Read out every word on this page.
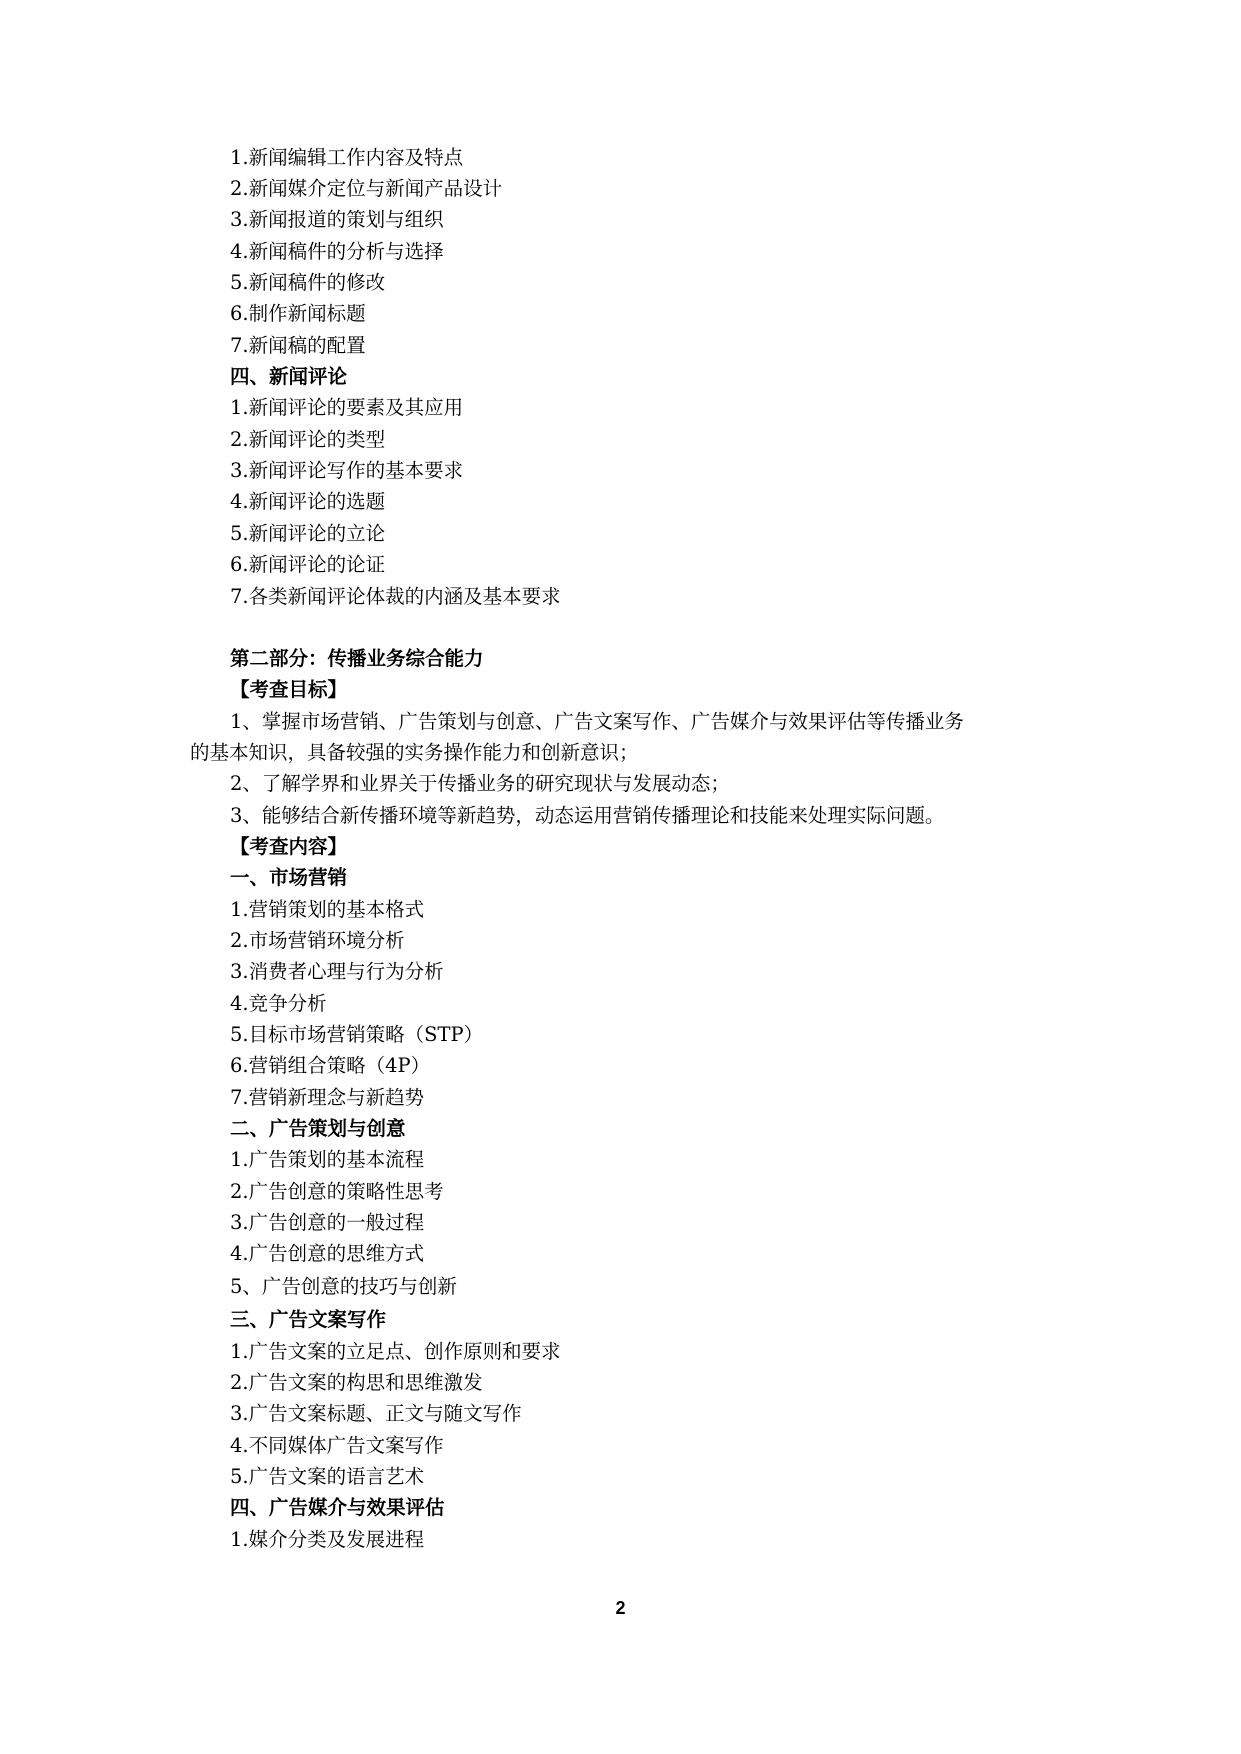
1.新闻编辑工作内容及特点
2.新闻媒介定位与新闻产品设计
3.新闻报道的策划与组织
4.新闻稿件的分析与选择
5.新闻稿件的修改
6.制作新闻标题
7.新闻稿的配置
四、新闻评论
1.新闻评论的要素及其应用
2.新闻评论的类型
3.新闻评论写作的基本要求
4.新闻评论的选题
5.新闻评论的立论
6.新闻评论的论证
7.各类新闻评论体裁的内涵及基本要求
第二部分：传播业务综合能力
【考查目标】
1、掌握市场营销、广告策划与创意、广告文案写作、广告媒介与效果评估等传播业务
的基本知识，具备较强的实务操作能力和创新意识；
2、了解学界和业界关于传播业务的研究现状与发展动态；
3、能够结合新传播环境等新趋势，动态运用营销传播理论和技能来处理实际问题。
【考查内容】
一、市场营销
1.营销策划的基本格式
2.市场营销环境分析
3.消费者心理与行为分析
4.竞争分析
5.目标市场营销策略（STP）
6.营销组合策略（4P）
7.营销新理念与新趋势
二、广告策划与创意
1.广告策划的基本流程
2.广告创意的策略性思考
3.广告创意的一般过程
4.广告创意的思维方式
5、广告创意的技巧与创新
三、广告文案写作
1.广告文案的立足点、创作原则和要求
2.广告文案的构思和思维激发
3.广告文案标题、正文与随文写作
4.不同媒体广告文案写作
5.广告文案的语言艺术
四、广告媒介与效果评估
1.媒介分类及发展进程
2
